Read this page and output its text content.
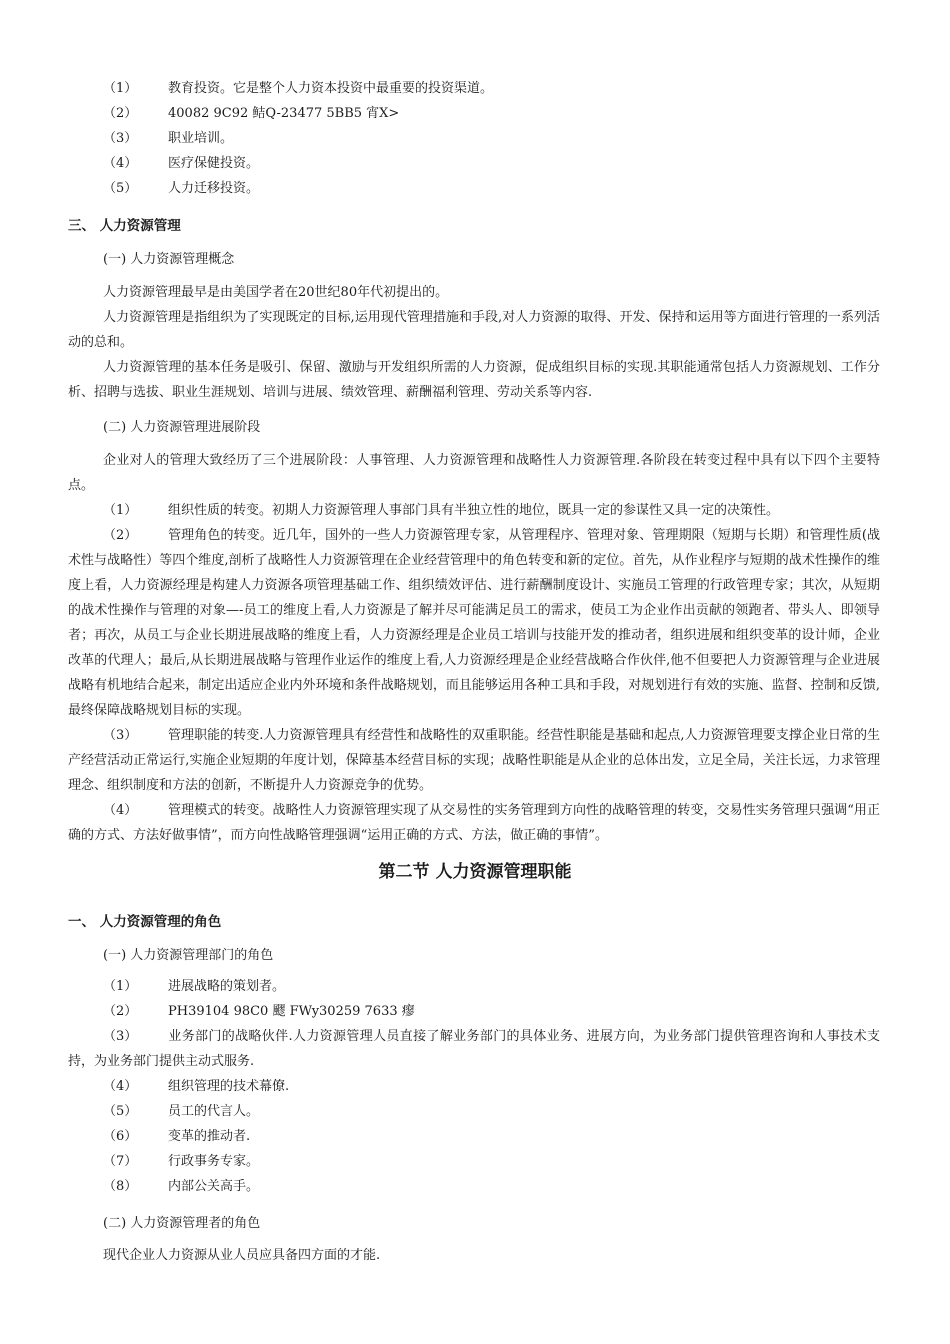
（1）	教育投资。它是整个人力资本投资中最重要的投资渠道。
（2）	40082 9C92 鲒Q-23477 5BB5 宵X>
（3）	职业培训。
（4）	医疗保健投资。
（5）	人力迁移投资。
三、 人力资源管理
(一) 人力资源管理概念
人力资源管理最早是由美国学者在20世纪80年代初提出的。
人力资源管理是指组织为了实现既定的目标,运用现代管理措施和手段,对人力资源的取得、开发、保持和运用等方面进行管理的一系列活动的总和。
人力资源管理的基本任务是吸引、保留、激励与开发组织所需的人力资源，促成组织目标的实现.其职能通常包括人力资源规划、工作分析、招聘与选拔、职业生涯规划、培训与进展、绩效管理、薪酬福利管理、劳动关系等内容.
(二) 人力资源管理进展阶段
企业对人的管理大致经历了三个进展阶段：人事管理、人力资源管理和战略性人力资源管理.各阶段在转变过程中具有以下四个主要特点。
（1） 组织性质的转变。初期人力资源管理人事部门具有半独立性的地位，既具一定的参谋性又具一定的决策性。
（2） 管理角色的转变。近几年，国外的一些人力资源管理专家，从管理程序、管理对象、管理期限（短期与长期）和管理性质(战术性与战略性）等四个维度,剖析了战略性人力资源管理在企业经营管理中的角色转变和新的定位。首先，从作业程序与短期的战术性操作的维度上看，人力资源经理是构建人力资源各项管理基础工作、组织绩效评估、进行薪酬制度设计、实施员工管理的行政管理专家；其次，从短期的战术性操作与管理的对象—-员工的维度上看,人力资源是了解并尽可能满足员工的需求，使员工为企业作出贡献的领跑者、带头人、即领导者；再次，从员工与企业长期进展战略的维度上看，人力资源经理是企业员工培训与技能开发的推动者，组织进展和组织变革的设计师，企业改革的代理人；最后,从长期进展战略与管理作业运作的维度上看,人力资源经理是企业经营战略合作伙伴,他不但要把人力资源管理与企业进展战略有机地结合起来，制定出适应企业内外环境和条件战略规划，而且能够运用各种工具和手段，对规划进行有效的实施、监督、控制和反馈,最终保障战略规划目标的实现。
（3） 管理职能的转变.人力资源管理具有经营性和战略性的双重职能。经营性职能是基础和起点,人力资源管理要支撑企业日常的生产经营活动正常运行,实施企业短期的年度计划，保障基本经营目标的实现；战略性职能是从企业的总体出发，立足全局，关注长远，力求管理理念、组织制度和方法的创新，不断提升人力资源竞争的优势。
（4） 管理模式的转变。战略性人力资源管理实现了从交易性的实务管理到方向性的战略管理的转变，交易性实务管理只强调“用正确的方式、方法好做事情”，而方向性战略管理强调“运用正确的方式、方法，做正确的事情”。
第二节 人力资源管理职能
一、 人力资源管理的角色
(一) 人力资源管理部门的角色
（1）	进展战略的策划者。
（2）	PH39104 98C0 飂 FWy30259 7633 瘳
（3） 业务部门的战略伙伴.人力资源管理人员直接了解业务部门的具体业务、进展方向，为业务部门提供管理咨询和人事技术支持，为业务部门提供主动式服务.
（4）	组织管理的技术幕僚.
（5）	员工的代言人。
（6）	变革的推动者.
（7）	行政事务专家。
（8）	内部公关高手。
(二) 人力资源管理者的角色
现代企业人力资源从业人员应具备四方面的才能.
